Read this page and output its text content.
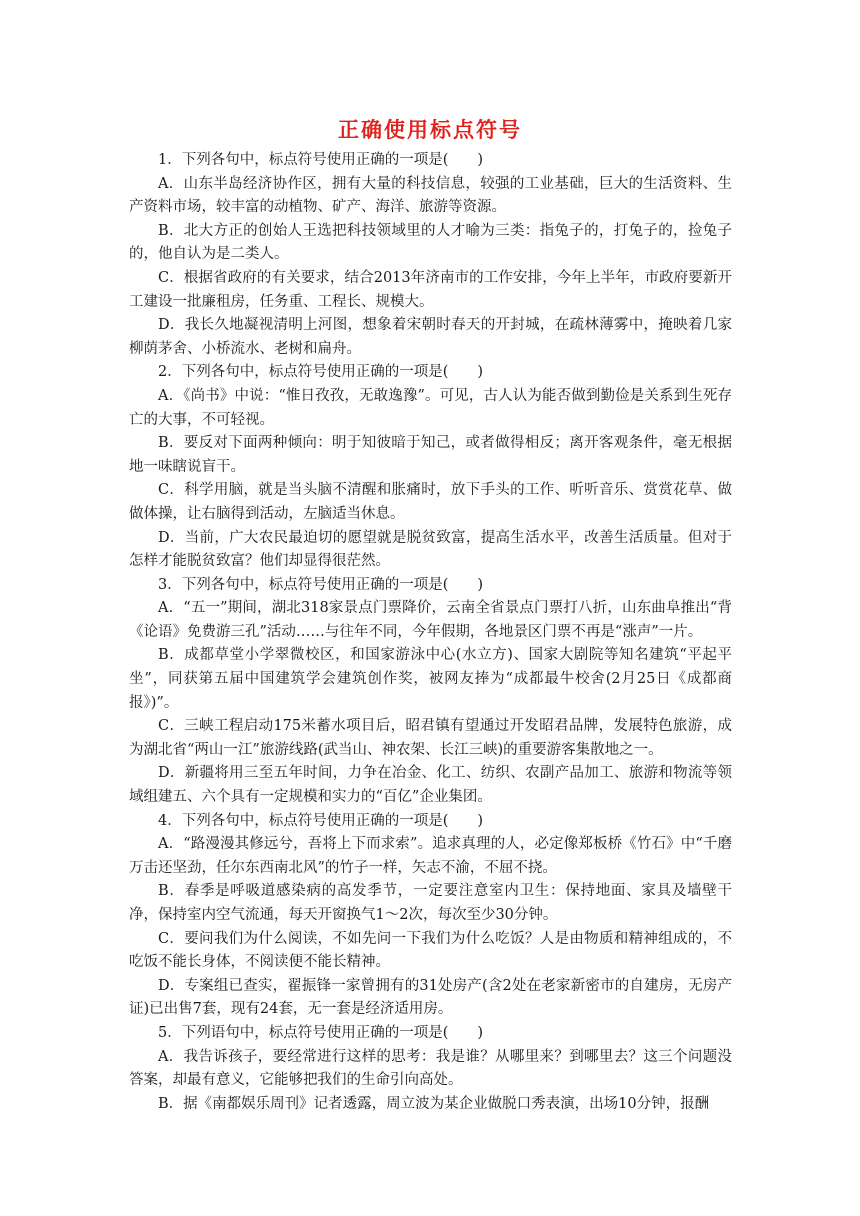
正确使用标点符号

1．下列各句中，标点符号使用正确的一项是(　　)

A．山东半岛经济协作区，拥有大量的科技信息，较强的工业基础，巨大的生活资料、生产资料市场，较丰富的动植物、矿产、海洋、旅游等资源。

B．北大方正的创始人王选把科技领域里的人才喻为三类：指兔子的，打兔子的，捡兔子的，他自认为是二类人。

C．根据省政府的有关要求，结合2013年济南市的工作安排，今年上半年，市政府要新开工建设一批廉租房，任务重、工程长、规模大。

D．我长久地凝视清明上河图，想象着宋朝时春天的开封城，在疏林薄雾中，掩映着几家柳荫茅舍、小桥流水、老树和扁舟。

2．下列各句中，标点符号使用正确的一项是(　　)

A．《尚书》中说：“惟日孜孜，无敢逸豫”。可见，古人认为能否做到勤俭是关系到生死存亡的大事，不可轻视。

B．要反对下面两种倾向：明于知彼暗于知己，或者做得相反；离开客观条件，毫无根据地一味瞎说盲干。

C．科学用脑，就是当头脑不清醒和胀痛时，放下手头的工作、听听音乐、赏赏花草、做做体操，让右脑得到活动，左脑适当休息。

D．当前，广大农民最迫切的愿望就是脱贫致富，提高生活水平，改善生活质量。但对于怎样才能脱贫致富？他们却显得很茫然。

3．下列各句中，标点符号使用正确的一项是(　　)

A．“五一”期间，湖北318家景点门票降价，云南全省景点门票打八折，山东曲阜推出“背《论语》免费游三孔”活动……与往年不同，今年假期，各地景区门票不再是“涨声”一片。

B．成都草堂小学翠微校区，和国家游泳中心(水立方)、国家大剧院等知名建筑“平起平坐”，同获第五届中国建筑学会建筑创作奖，被网友捧为“成都最牛校舍(2月25日《成都商报》)”。

C．三峡工程启动175米蓄水项目后，昭君镇有望通过开发昭君品牌，发展特色旅游，成为湖北省“两山一江”旅游线路(武当山、神农架、长江三峡)的重要游客集散地之一。

D．新疆将用三至五年时间，力争在冶金、化工、纺织、农副产品加工、旅游和物流等领域组建五、六个具有一定规模和实力的“百亿”企业集团。

4．下列各句中，标点符号使用正确的一项是(　　)

A．“路漫漫其修远兮，吾将上下而求索”。追求真理的人，必定像郑板桥《竹石》中“千磨万击还坚劲，任尔东西南北风”的竹子一样，矢志不渝，不屈不挠。

B．春季是呼吸道感染病的高发季节，一定要注意室内卫生：保持地面、家具及墙壁干净，保持室内空气流通，每天开窗换气1～2次，每次至少30分钟。

C．要问我们为什么阅读，不如先问一下我们为什么吃饭？人是由物质和精神组成的，不吃饭不能长身体，不阅读便不能长精神。

D．专案组已查实，翟振锋一家曾拥有的31处房产(含2处在老家新密市的自建房，无房产证)已出售7套，现有24套，无一套是经济适用房。

5．下列语句中，标点符号使用正确的一项是(　　)

A．我告诉孩子，要经常进行这样的思考：我是谁？从哪里来？到哪里去？这三个问题没答案，却最有意义，它能够把我们的生命引向高处。

B．据《南都娱乐周刊》记者透露，周立波为某企业做脱口秀表演，出场10分钟，报酬
